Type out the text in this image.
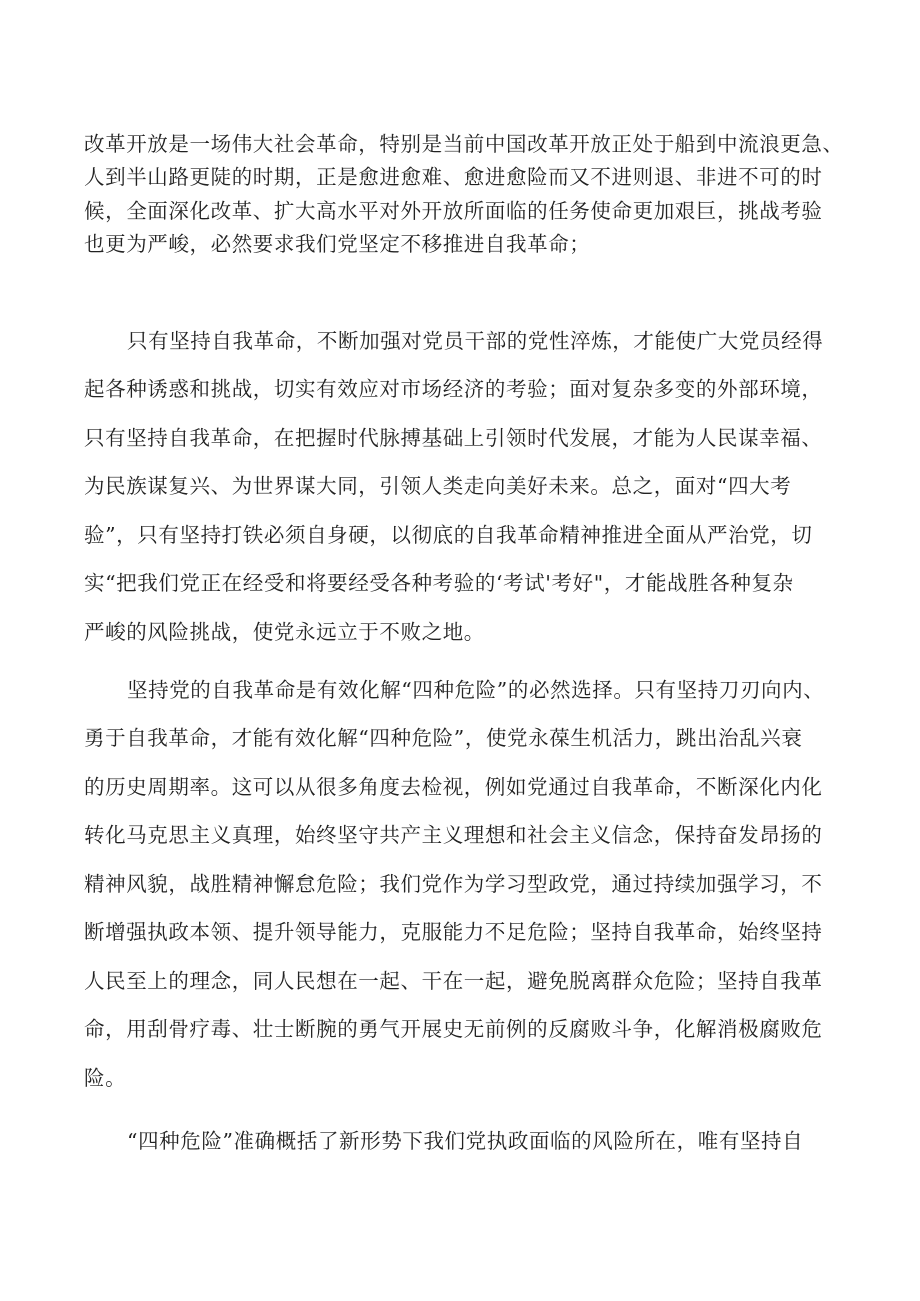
改革开放是一场伟大社会革命，特别是当前中国改革开放正处于船到中流浪更急、
人到半山路更陡的时期，正是愈进愈难、愈进愈险而又不进则退、非进不可的时
候，全面深化改革、扩大高水平对外开放所面临的任务使命更加艰巨，挑战考验
也更为严峻，必然要求我们党坚定不移推进自我革命；
只有坚持自我革命，不断加强对党员干部的党性淬炼，才能使广大党员经得
起各种诱惑和挑战，切实有效应对市场经济的考验；面对复杂多变的外部环境，
只有坚持自我革命，在把握时代脉搏基础上引领时代发展，才能为人民谋幸福、
为民族谋复兴、为世界谋大同，引领人类走向美好未来。总之，面对“四大考
验”，只有坚持打铁必须自身硬，以彻底的自我革命精神推进全面从严治党，切
实“把我们党正在经受和将要经受各种考验的‘考试'考好"，才能战胜各种复杂
严峻的风险挑战，使党永远立于不败之地。
坚持党的自我革命是有效化解“四种危险”的必然选择。只有坚持刀刃向内、
勇于自我革命，才能有效化解“四种危险”，使党永葆生机活力，跳出治乱兴衰
的历史周期率。这可以从很多角度去检视，例如党通过自我革命，不断深化内化
转化马克思主义真理，始终坚守共产主义理想和社会主义信念，保持奋发昂扬的
精神风貌，战胜精神懈怠危险；我们党作为学习型政党，通过持续加强学习，不
断增强执政本领、提升领导能力，克服能力不足危险；坚持自我革命，始终坚持
人民至上的理念，同人民想在一起、干在一起，避免脱离群众危险；坚持自我革
命，用刮骨疗毒、壮士断腕的勇气开展史无前例的反腐败斗争，化解消极腐败危
险。
“四种危险”准确概括了新形势下我们党执政面临的风险所在，唯有坚持自
